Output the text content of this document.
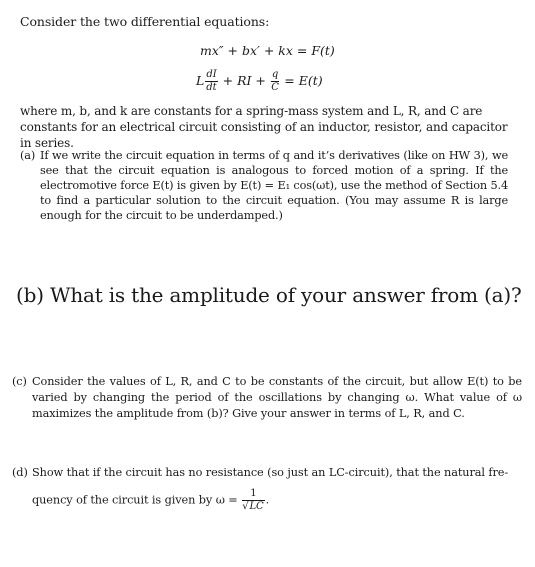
Consider the two differential equations:
mx″ + bx′ + kx = F(t)
L $\frac{dI}{dt}$ + RI + $\frac{q}{C} = E(t)$
where m, b, and k are constants for a spring-mass system and L, R, and C are constants for an electrical circuit consisting of an inductor, resistor, and capacitor in series.
(a) If we write the circuit equation in terms of q and it’s derivatives (like on HW 3), we see that the circuit equation is analogous to forced motion of a spring. If the electromotive force E(t) is given by E(t) = E₁ cos(ωt), use the method of Section 5.4 to find a particular solution to the circuit equation. (You may assume R is large enough for the circuit to be underdamped.)
(b) What is the amplitude of your answer from (a)?
(c) Consider the values of L, R, and C to be constants of the circuit, but allow E(t) to be varied by changing the period of the oscillations by changing ω. What value of ω maximizes the amplitude from (b)? Give your answer in terms of L, R, and C.
(d) Show that if the circuit has no resistance (so just an LC-circuit), that the natural fre-
quency of the circuit is given by $\omega = \frac{1}{√LC}$ .
